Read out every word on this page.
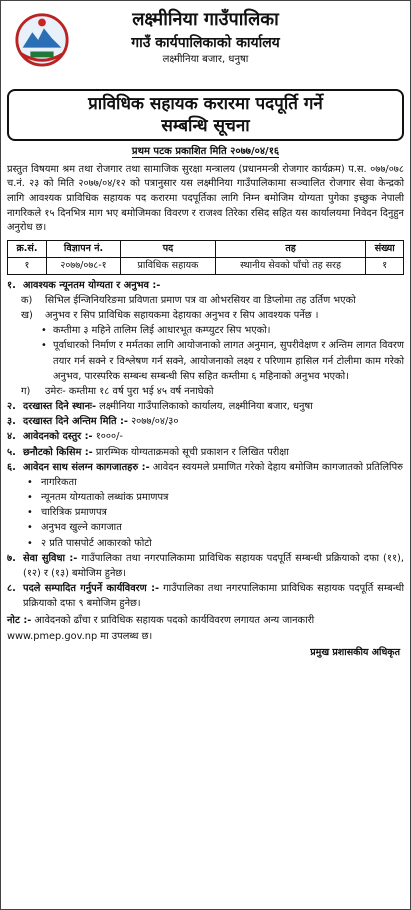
लक्ष्मीनिया गाउँपालिका
गाउँ कार्यपालिकाको कार्यालय
लक्ष्मीनिया बजार, धनुषा
प्राविधिक सहायक करारमा पदपूर्ति गर्ने
सम्बन्धि सूचना
प्रथम पटक प्रकाशित मिति २०७७/०४/१६

प्रस्तुत विषयमा श्रम तथा रोजगार तथा सामाजिक सुरक्षा मन्त्रालय (प्रधानमन्त्री रोजगार कार्यक्रम) प.स. ०७७/०७८ च.नं. २३ को मिति २०७७/०४/१२ को पत्रानुसार यस लक्ष्मीनिया गाउँपालिकामा सञ्चालित रोजगार सेवा केन्द्रको लागि आवश्यक प्राविधिक सहायक पद करारमा पदपूर्तिका लागि निम्न बमोजिम योग्यता पुगेका इच्छुक नेपाली नागरिकले १५ दिनभित्र माग भए बमोजिमका विवरण र राजश्व तिरेका रसिद सहित यस कार्यालयमा निवेदन दिनुहुन अनुरोध छ।

क्र.सं.	विज्ञापन नं.	पद	तह	संख्या
१	२०७७/०७८-१	प्राविधिक सहायक	स्थानीय सेवको पाँचो तह सरह	१
१. आवश्यक न्यूनतम योग्यता र अनुभव :-
क)	सिभिल ईन्जिनियरिङमा प्रविणता प्रमाण पत्र वा ओभरसियर वा डिप्लोमा तह उर्तिण भएको
ख)	अनुभव र सिप प्राविधिक सहायकमा देहायका अनुभव र सिप आवश्यक पर्नेछ ।
• कम्तीमा ३ महिने तालिम लिई आधारभूत कम्प्युटर सिप भएको।
• पूर्वाधारको निर्माण र मर्मतका लागि आयोजनाको लागत अनुमान, सुपरीवेक्षण र अन्तिम लागत विवरण तयार गर्न सक्ने र विश्लेषण गर्न सक्ने, आयोजनाको लक्ष्य र परिणाम हासिल गर्न टोलीमा काम गरेको अनुभव, पारस्परिक सम्बन्ध सम्बन्धी सिप सहित कम्तीमा ६ महिनाको अनुभव भएको।
ग)	उमेरः- कम्तीमा १८ वर्ष पुरा भई ४५ वर्ष ननाघेको
२. दरखास्त दिने स्थानः- लक्ष्मीनिया गाउँपालिकाको कार्यालय, लक्ष्मीनिया बजार, धनुषा
३. दरखास्त दिने अन्तिम मिति :- २०७७/०४/३०
४. आवेदनको दस्तुर :- १०००/-
५. छनौटको किसिम :- प्रारम्भिक योग्यताक्रमको सूची प्रकाशन र लिखित परीक्षा
६. आवेदन साथ संलग्न कागजातहरु :- आवेदन स्वयमले प्रमाणित गरेको देहाय बमोजिम कागजातको प्रतिलिपिरु
• नागरिकता
• न्यूनतम योग्यताको लब्धांक प्रमाणपत्र
• चारित्रिक प्रमाणपत्र
• अनुभव खुल्ने कागजात
• २ प्रति पासपोर्ट आकारको फोटो
७. सेवा सुविधा :- गाउँपालिका तथा नगरपालिकामा प्राविधिक सहायक पदपूर्ति सम्बन्धी प्रक्रियाको दफा (११), (१२) र (१३) बमोजिम हुनेछ।
८. पदले सम्पादित गर्नुपर्ने कार्यविवरण :- गाउँपालिका तथा नगरपालिकामा प्राविधिक सहायक पदपूर्ति सम्बन्धी प्रक्रियाको दफा ९ बमोजिम हुनेछ।
नोट :- आवेदनको ढाँचा र प्राविधिक सहायक पदको कार्यविवरण लगायत अन्य जानकारी www.pmep.gov.np मा उपलब्ध छ।
प्रमुख प्रशासकीय अधिकृत
